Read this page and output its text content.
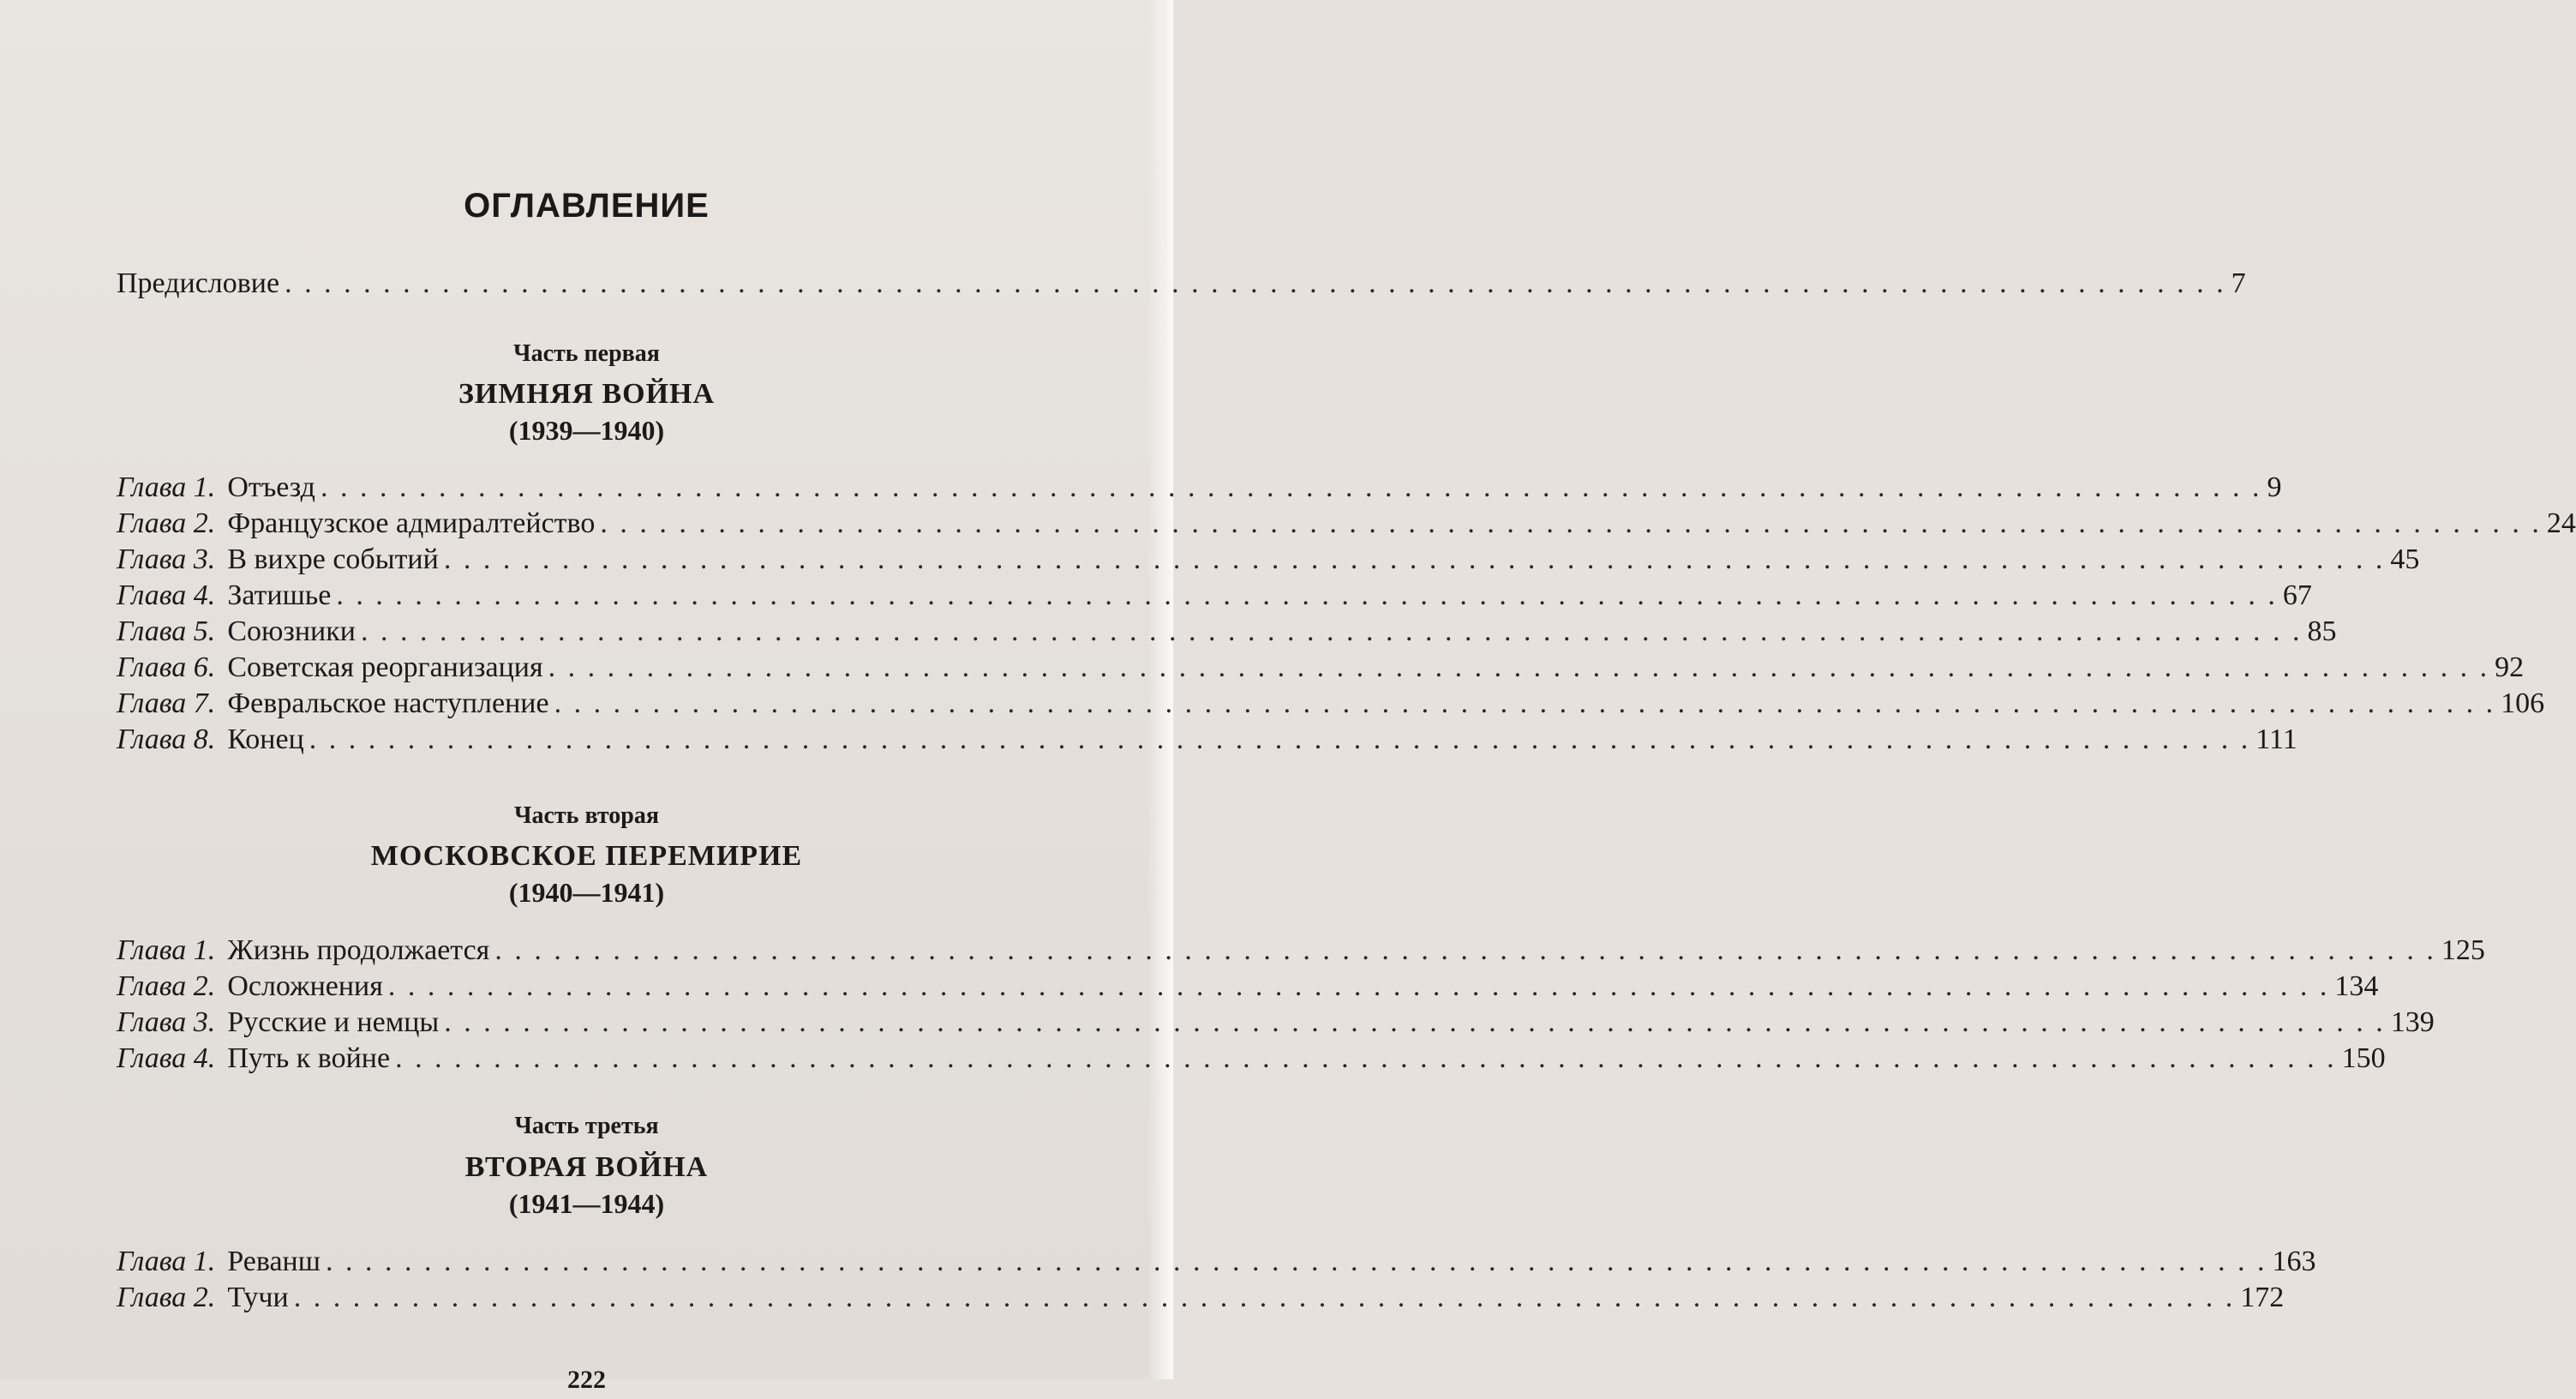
ОГЛАВЛЕНИЕ
Предисловие . . .	7

Часть первая

ЗИМНЯЯ ВОЙНА

(1939—1940)

Глава 1. Отъезд . . .	9
Глава 2. Французское адмиралтейство . . .	24
Глава 3. В вихре событий . . .	45
Глава 4. Затишье . . .	67
Глава 5. Союзники . . .	85
Глава 6. Советская реорганизация . . .	92
Глава 7. Февральское наступление . . .	106
Глава 8. Конец . . .	111

Часть вторая

МОСКОВСКОЕ ПЕРЕМИРИЕ

(1940—1941)

Глава 1. Жизнь продолжается . . .	125
Глава 2. Осложнения . . .	134
Глава 3. Русские и немцы . . .	139
Глава 4. Путь к войне . . .	150

Часть третья

ВТОРАЯ ВОЙНА

(1941—1944)

Глава 1. Реванш . . .	163
Глава 2. Тучи . . .	172
222
